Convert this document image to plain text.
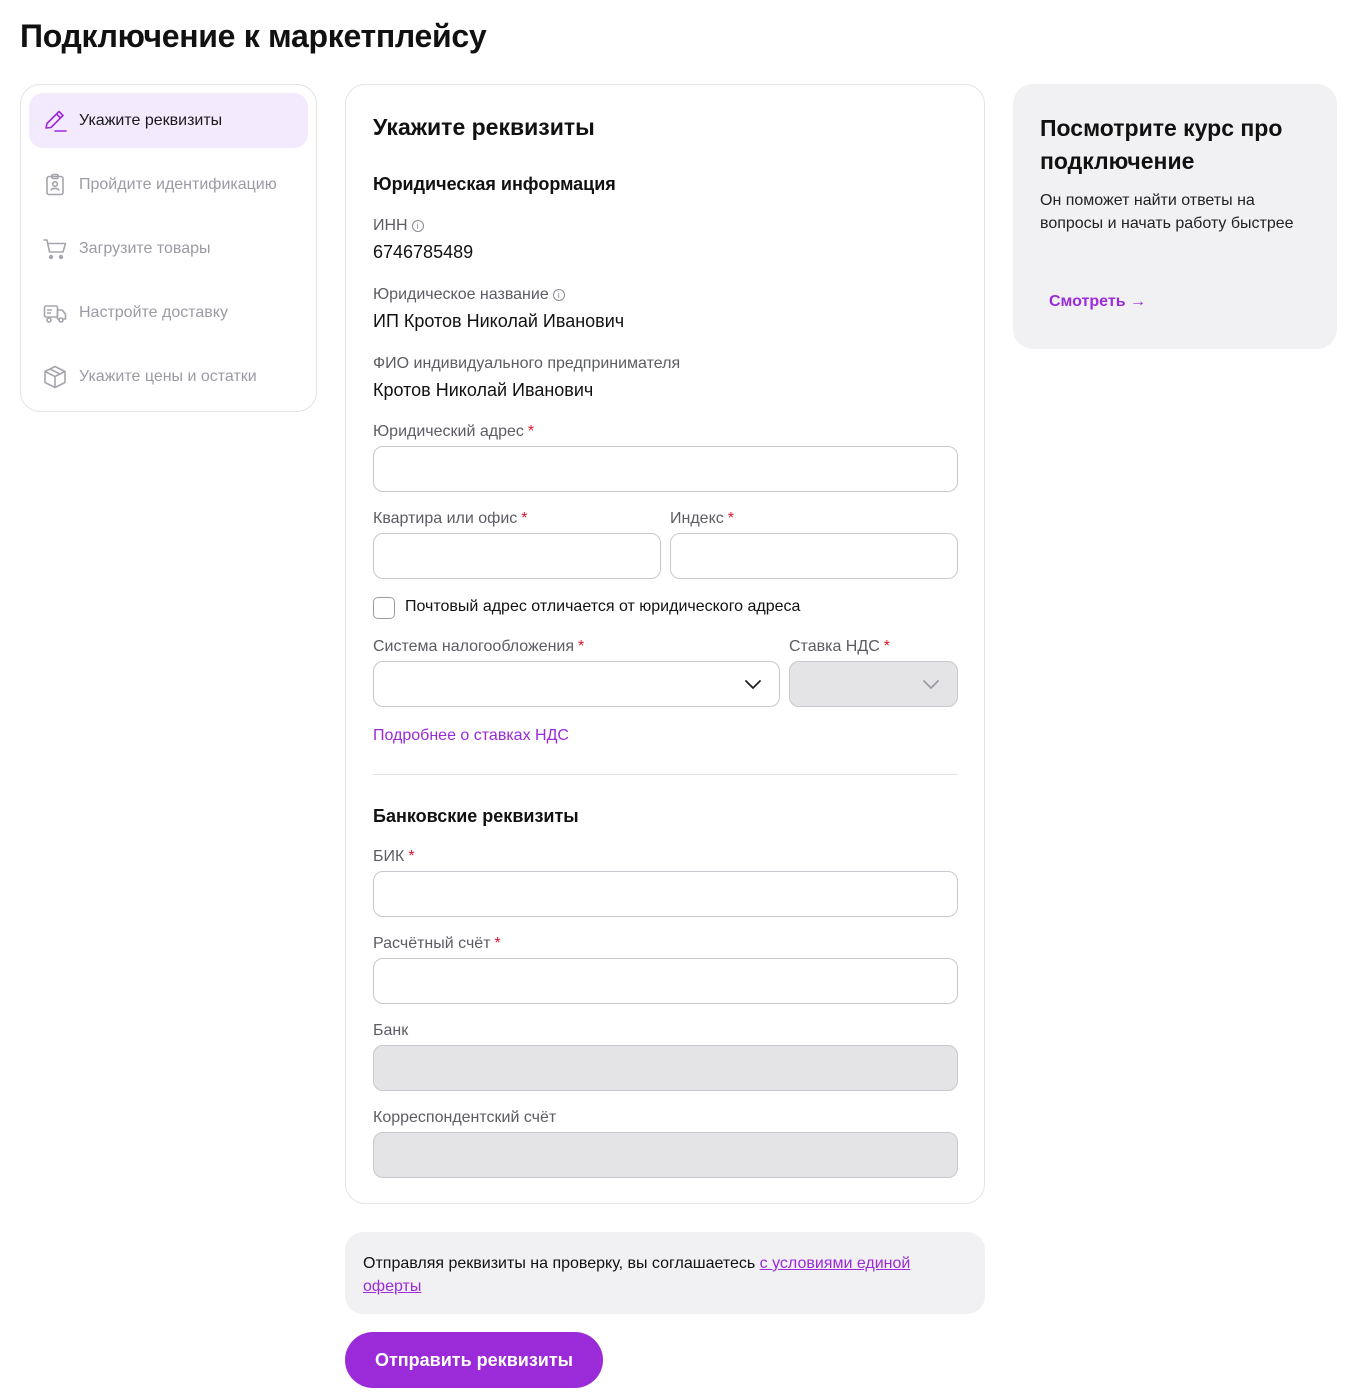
Подключение к маркетплейсу
Укажите реквизиты
Пройдите идентификацию
Загрузите товары
Настройте доставку
Укажите цены и остатки
Укажите реквизиты
Юридическая информация
ИНН	i
6746785489
Юридическое название	i
ИП Кротов Николай Иванович
ФИО индивидуального предпринимателя
Кротов Николай Иванович
Юридический адрес *
Квартира или офис *	Индекс *
Почтовый адрес отличается от юридического адреса
Система налогообложения *	Ставка НДС *
Подробнее о ставках НДС
Банковские реквизиты
БИК *
Расчётный счёт *
Банк
Корреспондентский счёт
Посмотрите курс про подключение
Он поможет найти ответы на вопросы и начать работу быстрее
Смотреть →
Отправляя реквизиты на проверку, вы соглашаетесь с условиями единой оферты
Отправить реквизиты
